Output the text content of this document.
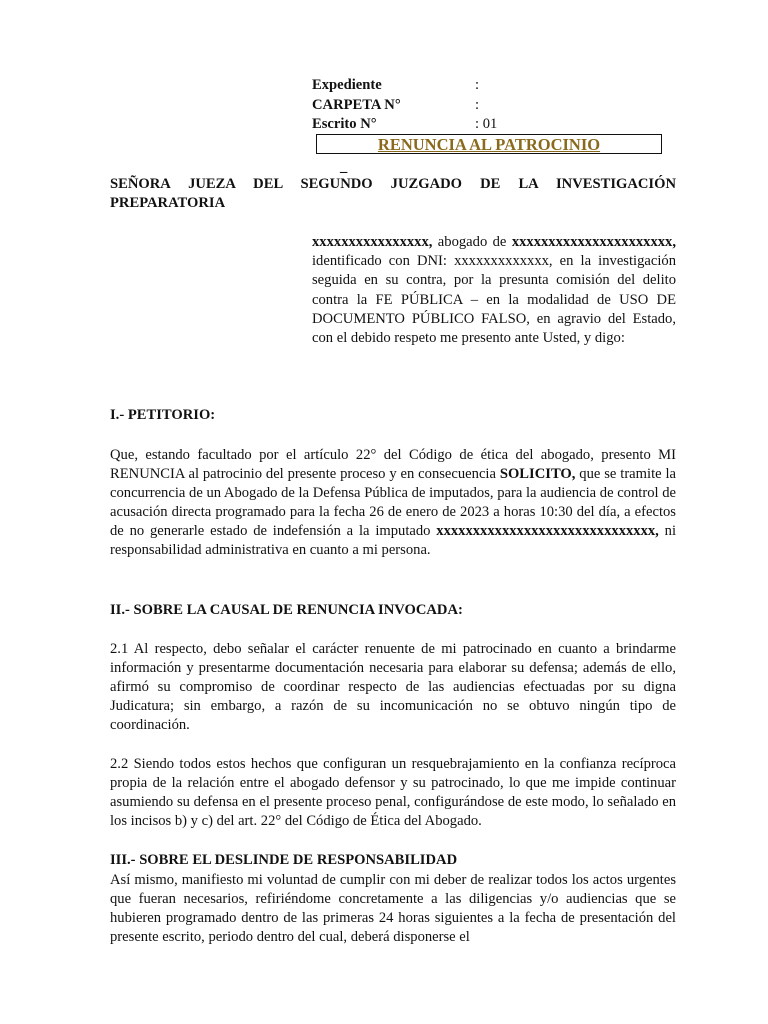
Expediente	:
CARPETA N°	:
Escrito N°	: 01
RENUNCIA AL PATROCINIO
_
SEÑORA JUEZA DEL SEGUNDO JUZGADO DE LA INVESTIGACIÓN PREPARATORIA
xxxxxxxxxxxxxxxx, abogado de xxxxxxxxxxxxxxxxxxxxxx, identificado con DNI: xxxxxxxxxxxxx, en la investigación seguida en su contra, por la presunta comisión del delito contra la FE PÚBLICA – en la modalidad de USO DE DOCUMENTO PÚBLICO FALSO, en agravio del Estado, con el debido respeto me presento ante Usted, y digo:
I.- PETITORIO:
Que, estando facultado por el artículo 22° del Código de ética del abogado, presento MI RENUNCIA al patrocinio del presente proceso y en consecuencia SOLICITO, que se tramite la concurrencia de un Abogado de la Defensa Pública de imputados, para la audiencia de control de acusación directa programado para la fecha 26 de enero de 2023 a horas 10:30 del día, a efectos de no generarle estado de indefensión a la imputado xxxxxxxxxxxxxxxxxxxxxxxxxxxxxx, ni responsabilidad administrativa en cuanto a mi persona.
II.- SOBRE LA CAUSAL DE RENUNCIA INVOCADA:
2.1 Al respecto, debo señalar el carácter renuente de mi patrocinado en cuanto a brindarme información y presentarme documentación necesaria para elaborar su defensa; además de ello, afirmó su compromiso de coordinar respecto de las audiencias efectuadas por su digna Judicatura; sin embargo, a razón de su incomunicación no se obtuvo ningún tipo de coordinación.
2.2 Siendo todos estos hechos que configuran un resquebrajamiento en la confianza recíproca propia de la relación entre el abogado defensor y su patrocinado, lo que me impide continuar asumiendo su defensa en el presente proceso penal, configurándose de este modo, lo señalado en los incisos b) y c) del art. 22° del Código de Ética del Abogado.
III.- SOBRE EL DESLINDE DE RESPONSABILIDAD
Así mismo, manifiesto mi voluntad de cumplir con mi deber de realizar todos los actos urgentes que fueran necesarios, refiriéndome concretamente a las diligencias y/o audiencias que se hubieren programado dentro de las primeras 24 horas siguientes a la fecha de presentación del presente escrito, periodo dentro del cual, deberá disponerse el
